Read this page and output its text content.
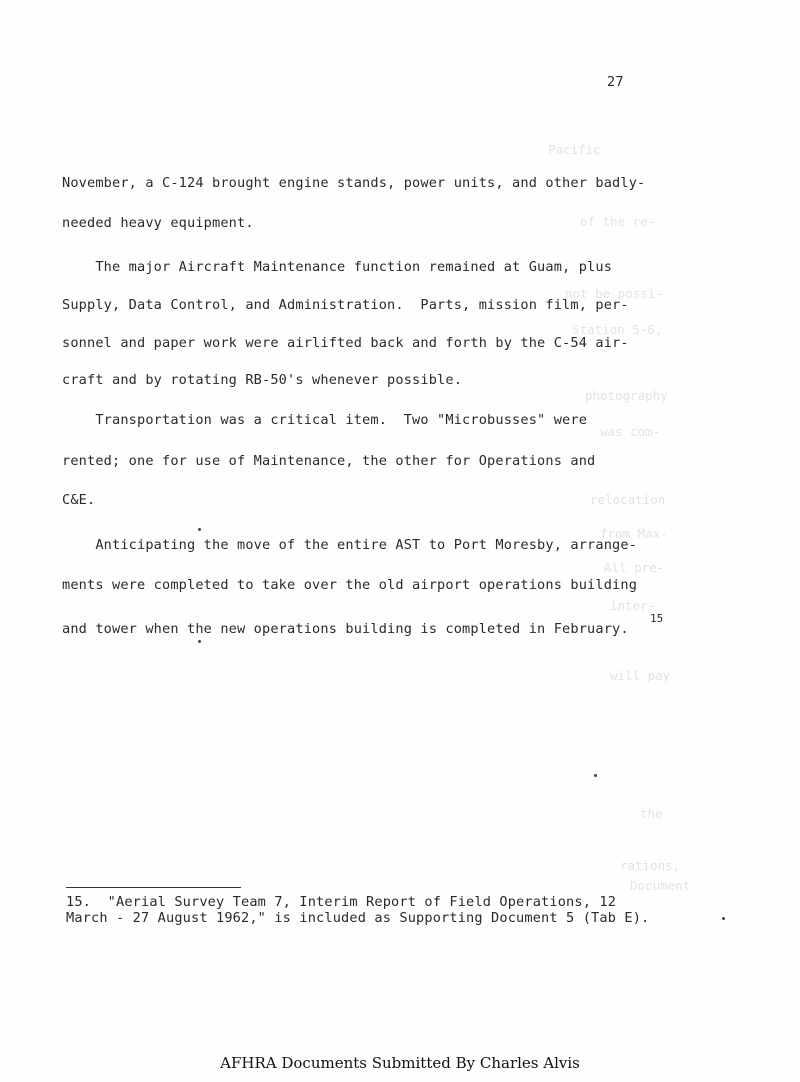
Pacific
of the re-
not be possi-
Station 5-6,
photography
was com-
relocation
from Max-
All pre-
inter-
will pay
the
rations,
Document
27
November, a C-124 brought engine stands, power units, and other badly-
needed heavy equipment.
The major Aircraft Maintenance function remained at Guam, plus
Supply, Data Control, and Administration.  Parts, mission film, per-
sonnel and paper work were airlifted back and forth by the C-54 air-
craft and by rotating RB-50's whenever possible.
Transportation was a critical item.  Two "Microbusses" were
rented; one for use of Maintenance, the other for Operations and
C&E.
Anticipating the move of the entire AST to Port Moresby, arrange-
ments were completed to take over the old airport operations building
and tower when the new operations building is completed in February.
15
15.  "Aerial Survey Team 7, Interim Report of Field Operations, 12
March - 27 August 1962," is included as Supporting Document 5 (Tab E).
AFHRA Documents Submitted By Charles Alvis
